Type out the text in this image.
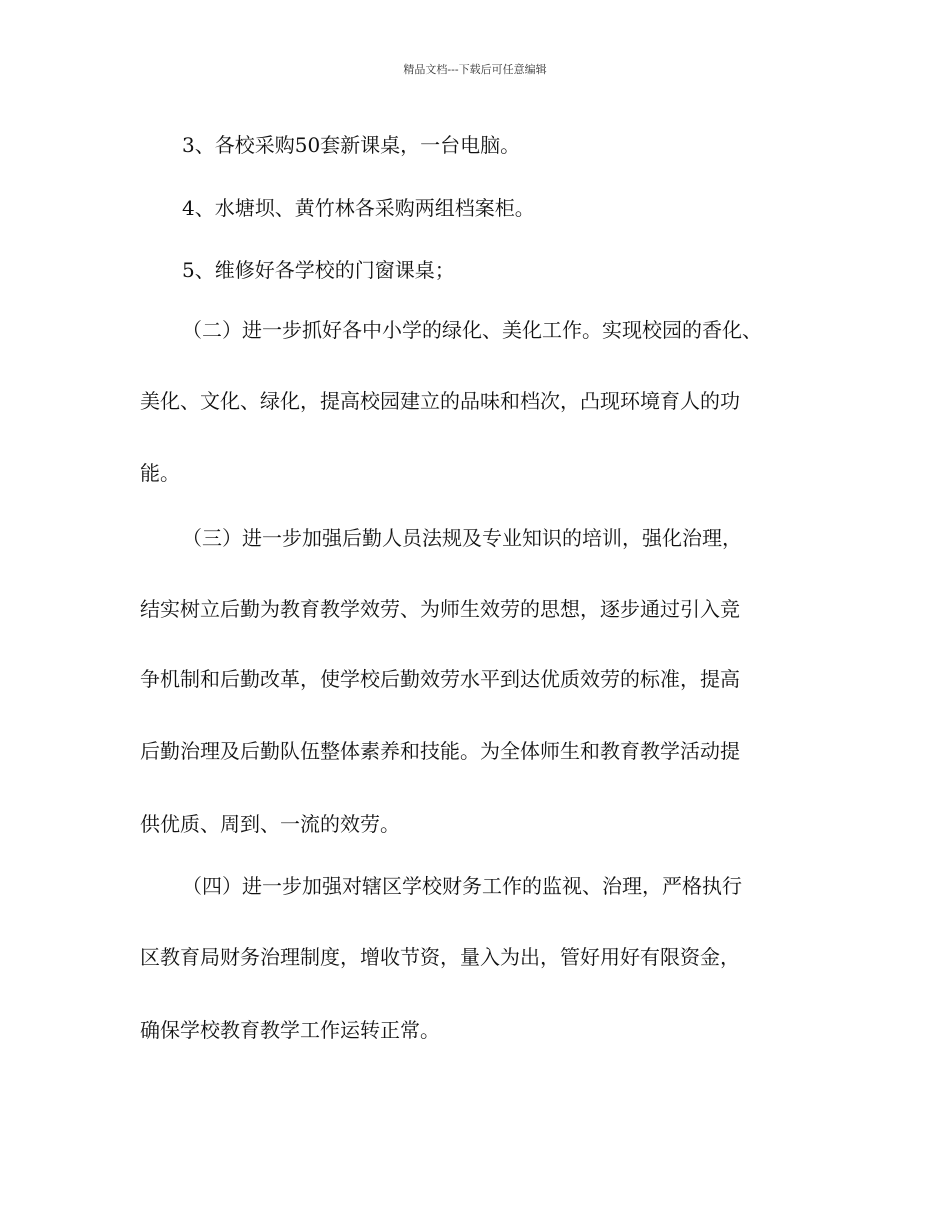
精品文档---下载后可任意编辑
3、各校采购50套新课桌，一台电脑。
4、水塘坝、黄竹林各采购两组档案柜。
5、维修好各学校的门窗课桌；
（二）进一步抓好各中小学的绿化、美化工作。实现校园的香化、
美化、文化、绿化，提高校园建立的品味和档次，凸现环境育人的功
能。
（三）进一步加强后勤人员法规及专业知识的培训，强化治理，
结实树立后勤为教育教学效劳、为师生效劳的思想，逐步通过引入竞
争机制和后勤改革，使学校后勤效劳水平到达优质效劳的标准，提高
后勤治理及后勤队伍整体素养和技能。为全体师生和教育教学活动提
供优质、周到、一流的效劳。
（四）进一步加强对辖区学校财务工作的监视、治理，严格执行
区教育局财务治理制度，增收节资，量入为出，管好用好有限资金，
确保学校教育教学工作运转正常。
